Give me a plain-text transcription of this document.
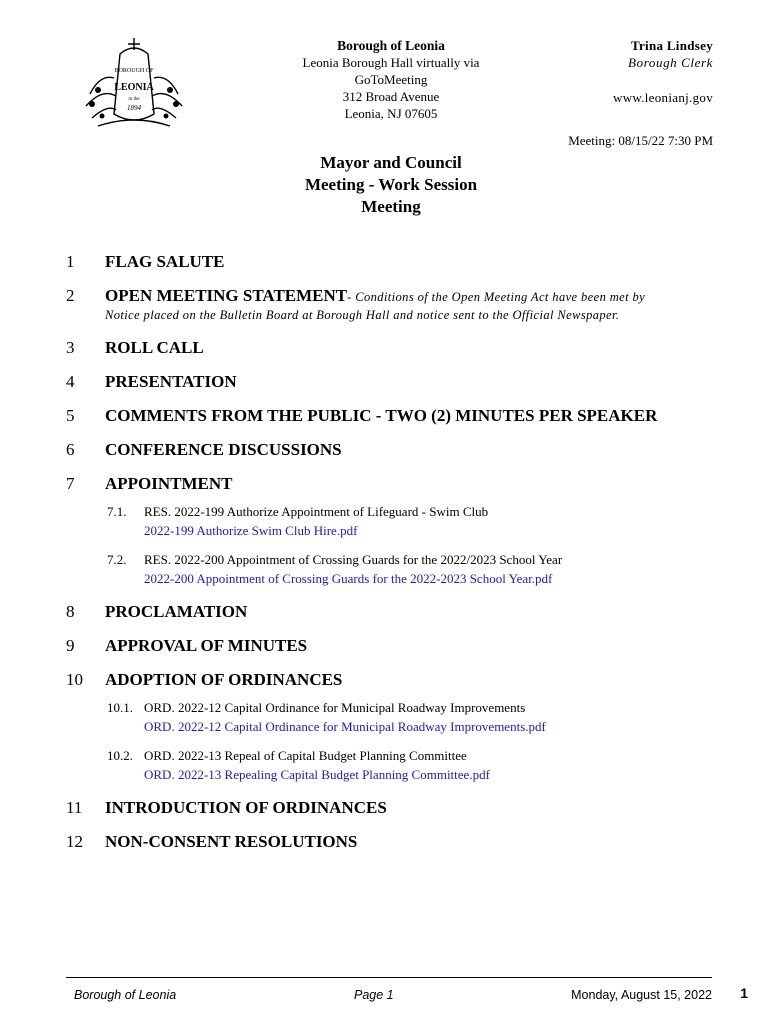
BOROUGH OF
LEONIA
in the
1894
Borough of Leonia
Leonia Borough Hall virtually via
GoToMeeting
312 Broad Avenue
Leonia, NJ 07605
Trina Lindsey
Borough Clerk
www.leonianj.gov
Meeting: 08/15/22 7:30 PM
Mayor and Council
Meeting - Work Session
Meeting
1	FLAG SALUTE
2	OPEN MEETING STATEMENT - Conditions of the Open Meeting Act have been met by
Notice placed on the Bulletin Board at Borough Hall and notice sent to the Official Newspaper.
3	ROLL CALL
4	PRESENTATION
5	COMMENTS FROM THE PUBLIC - TWO (2) MINUTES PER SPEAKER
6	CONFERENCE DISCUSSIONS
7	APPOINTMENT
7.1.	RES. 2022-199 Authorize Appointment of Lifeguard - Swim Club
2022-199 Authorize Swim Club Hire.pdf
7.2.	RES. 2022-200 Appointment of Crossing Guards for the 2022/2023 School Year
2022-200 Appointment of Crossing Guards for the 2022-2023 School Year.pdf
8	PROCLAMATION
9	APPROVAL OF MINUTES
10	ADOPTION OF ORDINANCES
10.1. ORD. 2022-12 Capital Ordinance for Municipal Roadway Improvements
ORD. 2022-12 Capital Ordinance for Municipal Roadway Improvements.pdf
10.2. ORD. 2022-13 Repeal of Capital Budget Planning Committee
ORD. 2022-13 Repealing Capital Budget Planning Committee.pdf
11	INTRODUCTION OF ORDINANCES
12	NON-CONSENT RESOLUTIONS
Borough of Leonia	Page 1	Monday, August 15, 2022 1
